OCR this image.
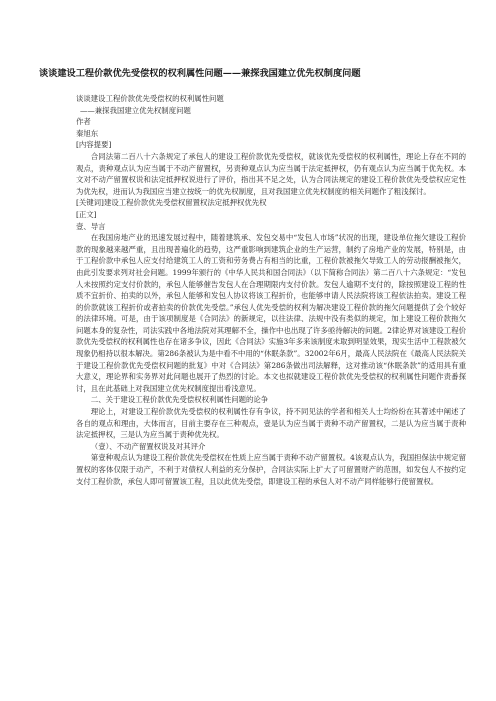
谈谈建设工程价款优先受偿权的权利属性问题——兼探我国建立优先权制度问题

谈谈建设工程价款优先受偿权的权利属性问题

——兼探我国建立优先权制度问题

作者

秦旭东

[内容提要]

合同法第二百八十六条规定了承包人的建设工程价款优先受偿权，就该优先受偿权的权利属性，理论上存在不同的观点，责种观点认为应当属于不动产留置权，另责种观点认为应当属于法定抵押权，仍有观点认为应当属于优先权。本文对不动产留置权说和法定抵押权说进行了评价，指出其不足之处，认为合同法规定的建设工程价款优先受偿权应定性为优先权，进而认为我国应当建立按统一的优先权制度，且对我国建立优先权制度的相关问题作了粗浅探讨。

[关键词]建设工程价款优先受偿权留置权法定抵押权优先权

[正文]

壹、导言

在我国房地产业的迅速发展过程中，随着建筑承、发包交易中“发包人市场”状况的出现，建设单位拖欠建设工程价款的现象越来越严重，且出现普遍化的趋势，这严重影响到建筑企业的生产运营，制约了房地产业的发展，特别是，由于工程价款中承包人应支付给建筑工人的工资和劳务费占有相当的比重，工程价款被拖欠导致工人的劳动报酬被拖欠，由此引发要求列对社会问题。1999年颁行的《中华人民共和国合同法》（以下简称合同法）第二百八十六条规定：“发包人未按照约定支付价款的，承包人能够催告发包人在合理期限内支付价款。发包人逾期不支付的，除按照建设工程的性质不宜折价、拍卖的以外，承包人能够和发包人协议将该工程折价，也能够申请人民法院将该工程依法拍卖。建设工程的价款就该工程折价或者拍卖的价款优先受偿。”承包人优先受偿的权利为解决建设工程价款的拖欠问题提供了会个较好的法律环境。可是，由于该项制度是《合同法》的新规定，以往法律、法规中没有类似的规定，加上建设工程价款拖欠问题本身的复杂性，司法实践中各地法院对其理解不全，操作中也出现了许多亟待解决的问题。2律论界对该建设工程价款优先受偿权的权利属性也存在诸多争议，因此《合同法》实施3年多来该制度未取到明显效果，现实生活中工程款被欠现象仍相持以很本解决。第286条被认为是中看不中用的“休眠条款”。32002年6月，最高人民法院在《最高人民法院关于建设工程价款优先受偿权问题的批复》中对《合同法》第286条做出司法解释，这对推动该“休眠条款”的适用具有重大意义，理论界和实务界对此问题也展开了热烈的讨论。本文也拟就建设工程价款优先受偿权的权利属性问题作责番探讨，且在此基础上对我国建立优先权制度提出看浅意见。

二、关于建设工程价款优先受偿权权利属性问题的论争

理论上，对建设工程价款优先受偿权的权利属性存有争议，持不同见法的学者和相关人士均纷纷在其著述中阐述了各自的观点和理由，大体而言，目前主要存在三种观点，壹是认为应当属于责种不动产留置权，二是认为应当属于责种法定抵押权，三是认为应当属于责种优先权。

（壹）、不动产留置权说及对其评介

第壹种观点认为建设工程价款优先受偿权在性质上应当属于责种不动产留置权。4该观点认为，我国担保法中规定留置权的客体仅限于动产，不利于对债权人利益的充分保护，合同法实际上扩大了可留置财产的范围，如发包人不按约定支付工程价款，承包人即可留置该工程，且以此优先受偿，即建设工程的承包人对不动产同样能够行使留置权。
